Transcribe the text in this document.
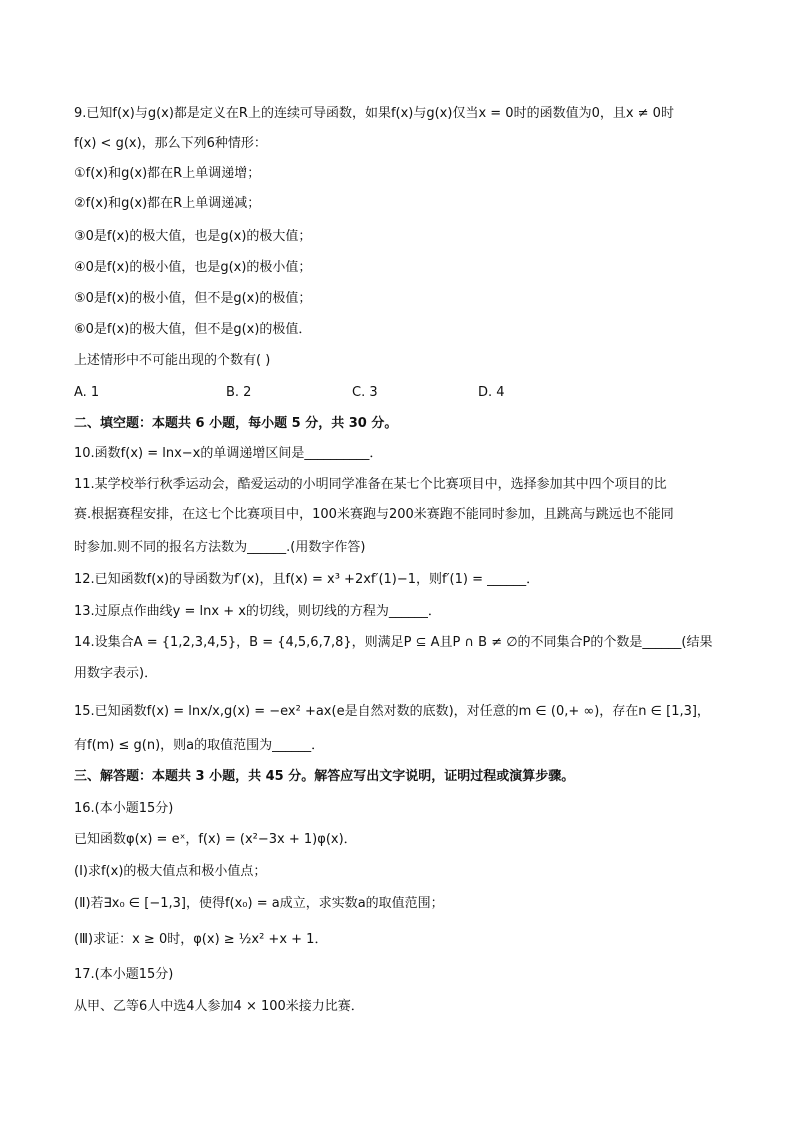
9.已知f(x)与g(x)都是定义在R上的连续可导函数，如果f(x)与g(x)仅当x = 0时的函数值为0，且x ≠ 0时
f(x) < g(x)，那么下列6种情形：
①f(x)和g(x)都在R上单调递增；
②f(x)和g(x)都在R上单调递减；
③0是f(x)的极大值，也是g(x)的极大值；
④0是f(x)的极小值，也是g(x)的极小值；
⑤0是f(x)的极小值，但不是g(x)的极值；
⑥0是f(x)的极大值，但不是g(x)的极值．
上述情形中不可能出现的个数有( )
A. 1	B. 2	C. 3	D. 4
二、填空题：本题共 6 小题，每小题 5 分，共 30 分。
10.函数f(x) = lnx−x的单调递增区间是__________．
11.某学校举行秋季运动会，酷爱运动的小明同学准备在某七个比赛项目中，选择参加其中四个项目的比
赛.根据赛程安排，在这七个比赛项目中，100米赛跑与200米赛跑不能同时参加，且跳高与跳远也不能同
时参加.则不同的报名方法数为______.(用数字作答)
12.已知函数f(x)的导函数为f′(x)，且f(x) = x³ +2xf′(1)−1，则f′(1) = ______．
13.过原点作曲线y = lnx + x的切线，则切线的方程为______．
14.设集合A = {1,2,3,4,5}，B = {4,5,6,7,8}，则满足P ⊆ A且P ∩ B ≠ ∅的不同集合P的个数是______(结果
用数字表示)．
15.已知函数f(x) = lnx/x,g(x) = −ex² +ax(e是自然对数的底数)，对任意的m ∈ (0,+ ∞)，存在n ∈ [1,3]，
有f(m) ≤ g(n)，则a的取值范围为______．
三、解答题：本题共 3 小题，共 45 分。解答应写出文字说明，证明过程或演算步骤。
16.(本小题15分)
已知函数φ(x) = eˣ，f(x) = (x²−3x + 1)φ(x)．
(Ⅰ)求f(x)的极大值点和极小值点；
(Ⅱ)若∃x₀ ∈ [−1,3]，使得f(x₀) = a成立，求实数a的取值范围；
(Ⅲ)求证：x ≥ 0时，φ(x) ≥ ½x² +x + 1．
17.(本小题15分)
从甲、乙等6人中选4人参加4 × 100米接力比赛．
